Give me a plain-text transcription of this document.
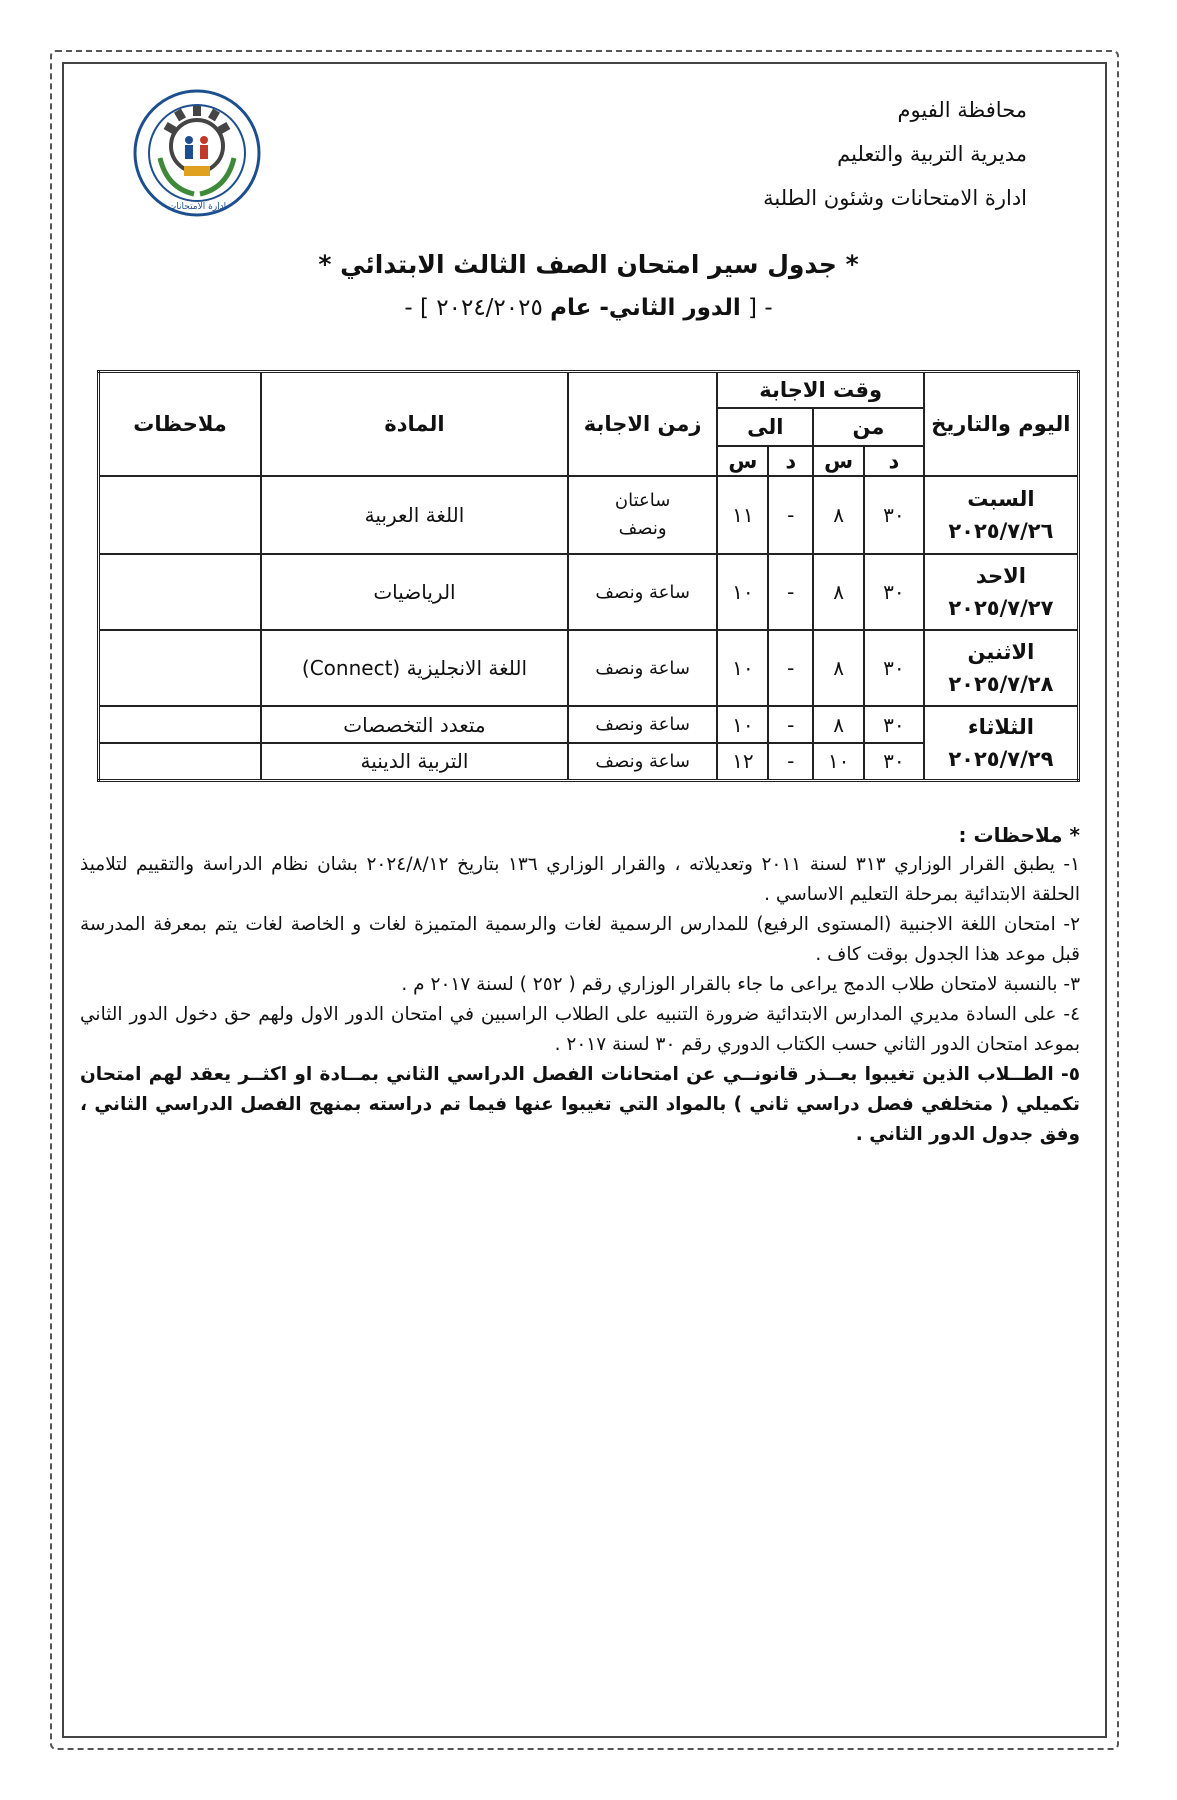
محافظة الفيوم
مديرية التربية والتعليم
ادارة الامتحانات وشئون الطلبة
ادارة الامتحانات
* جدول سير امتحان الصف الثالث الابتدائي *
- [ الدور الثاني- عام ٢٠٢٤/٢٠٢٥ ] -
اليوم والتاريخ	وقت الاجابة				زمن الاجابة	المادة	ملاحظات
	من		الى				
	د	س	د	س			

السبت
٢٠٢٥/٧/٢٦	٣٠	٨	-	١١	ساعتان ونصف	اللغة العربية	

الاحد
٢٠٢٥/٧/٢٧	٣٠	٨	-	١٠	ساعة ونصف	الرياضيات	

الاثنين
٢٠٢٥/٧/٢٨	٣٠	٨	-	١٠	ساعة ونصف	اللغة الانجليزية (Connect)	

الثلاثاء
٢٠٢٥/٧/٢٩	٣٠	٨	-	١٠	ساعة ونصف	متعدد التخصصات	
	٣٠	١٠	-	١٢	ساعة ونصف	التربية الدينية	

* ملاحظات :

١- يطبق القرار الوزاري ٣١٣ لسنة ٢٠١١ وتعديلاته ، والقرار الوزاري ١٣٦ بتاريخ ٢٠٢٤/٨/١٢ بشان نظام الدراسة والتقييم لتلاميذ الحلقة الابتدائية بمرحلة التعليم الاساسي .

٢- امتحان اللغة الاجنبية (المستوى الرفيع) للمدارس الرسمية لغات والرسمية المتميزة لغات و الخاصة لغات يتم بمعرفة المدرسة قبل موعد هذا الجدول بوقت كاف .

٣- بالنسبة لامتحان طلاب الدمج يراعى ما جاء بالقرار الوزاري رقم ( ٢٥٢ ) لسنة ٢٠١٧ م .

٤- على السادة مديري المدارس الابتدائية ضرورة التنبيه على الطلاب الراسبين في امتحان الدور الاول ولهم حق دخول الدور الثاني بموعد امتحان الدور الثاني حسب الكتاب الدوري رقم ٣٠ لسنة ٢٠١٧ .

٥- الطــلاب الذين تغيبوا بعــذر قانونــي عن امتحانات الفصل الدراسي الثاني بمــادة او اكثــر يعقد لهم امتحان تكميلي ( متخلفي فصل دراسي ثاني ) بالمواد التي تغيبوا عنها فيما تم دراسته بمنهج الفصل الدراسي الثاني ، وفق جدول الدور الثاني .
